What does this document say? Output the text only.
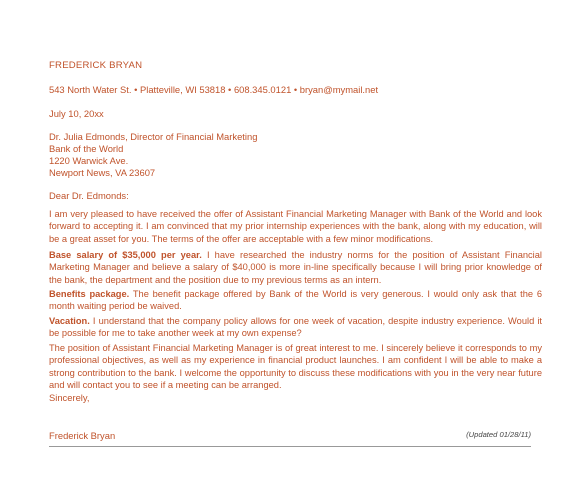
FREDERICK BRYAN
543 North Water St. • Platteville, WI 53818 • 608.345.0121 • bryan@mymail.net
July 10, 20xx
Dr. Julia Edmonds, Director of Financial Marketing
Bank of the World
1220 Warwick Ave.
Newport News, VA 23607
Dear Dr. Edmonds:
I am very pleased to have received the offer of Assistant Financial Marketing Manager with Bank of the World and look forward to accepting it. I am convinced that my prior internship experiences with the bank, along with my education, will be a great asset for you. The terms of the offer are acceptable with a few minor modifications.
Base salary of $35,000 per year. I have researched the industry norms for the position of Assistant Financial Marketing Manager and believe a salary of $40,000 is more in-line specifically because I will bring prior knowledge of the bank, the department and the position due to my previous terms as an intern.
Benefits package. The benefit package offered by Bank of the World is very generous. I would only ask that the 6 month waiting period be waived.
Vacation. I understand that the company policy allows for one week of vacation, despite industry experience. Would it be possible for me to take another week at my own expense?
The position of Assistant Financial Marketing Manager is of great interest to me. I sincerely believe it corresponds to my professional objectives, as well as my experience in financial product launches. I am confident I will be able to make a strong contribution to the bank. I welcome the opportunity to discuss these modifications with you in the very near future and will contact you to see if a meeting can be arranged.
Sincerely,
Frederick Bryan	(Updated 01/28/11)
